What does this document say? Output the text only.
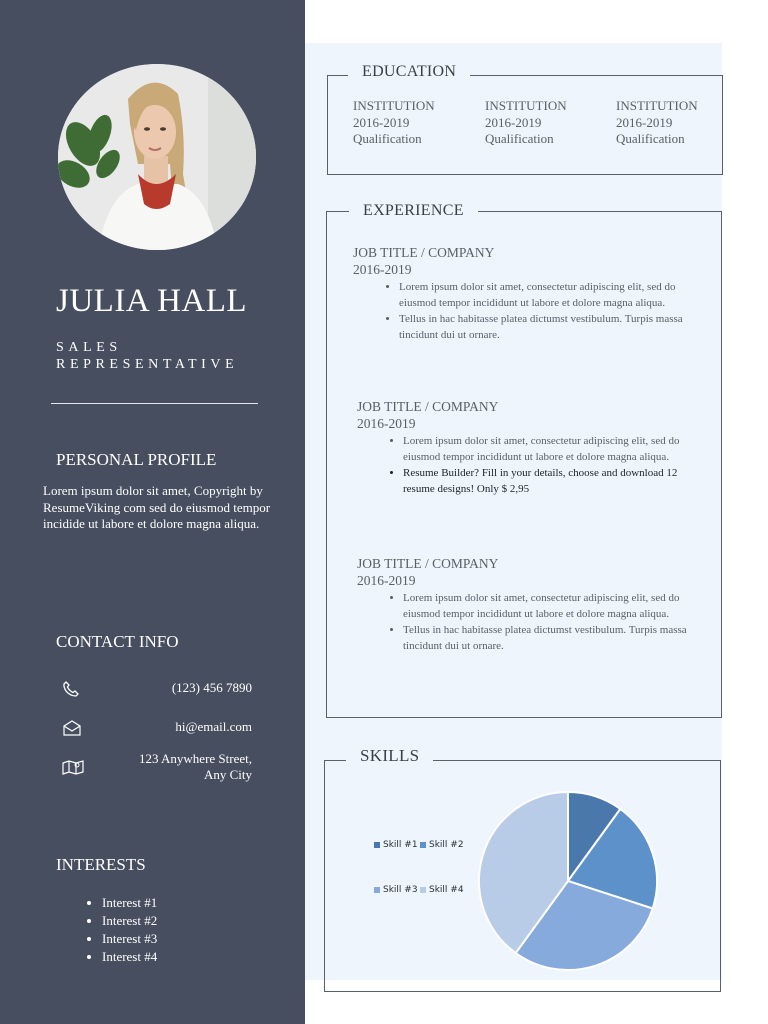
JULIA HALL
SALES
REPRESENTATIVE
PERSONAL PROFILE
Lorem ipsum dolor sit amet, Copyright by ResumeViking com sed do eiusmod tempor incidide ut labore et dolore magna aliqua.
CONTACT INFO
(123) 456 7890
hi@email.com
123 Anywhere Street,
Any City
INTERESTS
• Interest #1
• Interest #2
• Interest #3
• Interest #4
EDUCATION
INSTITUTION
2016-2019
Qualification
INSTITUTION
2016-2019
Qualification
INSTITUTION
2016-2019
Qualification
EXPERIENCE
JOB TITLE / COMPANY
2016-2019
• Lorem ipsum dolor sit amet, consectetur adipiscing elit, sed do eiusmod tempor incididunt ut labore et dolore magna aliqua.
• Tellus in hac habitasse platea dictumst vestibulum. Turpis massa tincidunt dui ut ornare.
JOB TITLE / COMPANY
2016-2019
• Lorem ipsum dolor sit amet, consectetur adipiscing elit, sed do eiusmod tempor incididunt ut labore et dolore magna aliqua.
• Resume Builder? Fill in your details, choose and download 12 resume designs! Only $ 2,95
JOB TITLE / COMPANY
2016-2019
• Lorem ipsum dolor sit amet, consectetur adipiscing elit, sed do eiusmod tempor incididunt ut labore et dolore magna aliqua.
• Tellus in hac habitasse platea dictumst vestibulum. Turpis massa tincidunt dui ut ornare.
SKILLS
Skill #1	Skill #2
Skill #3	Skill #4
